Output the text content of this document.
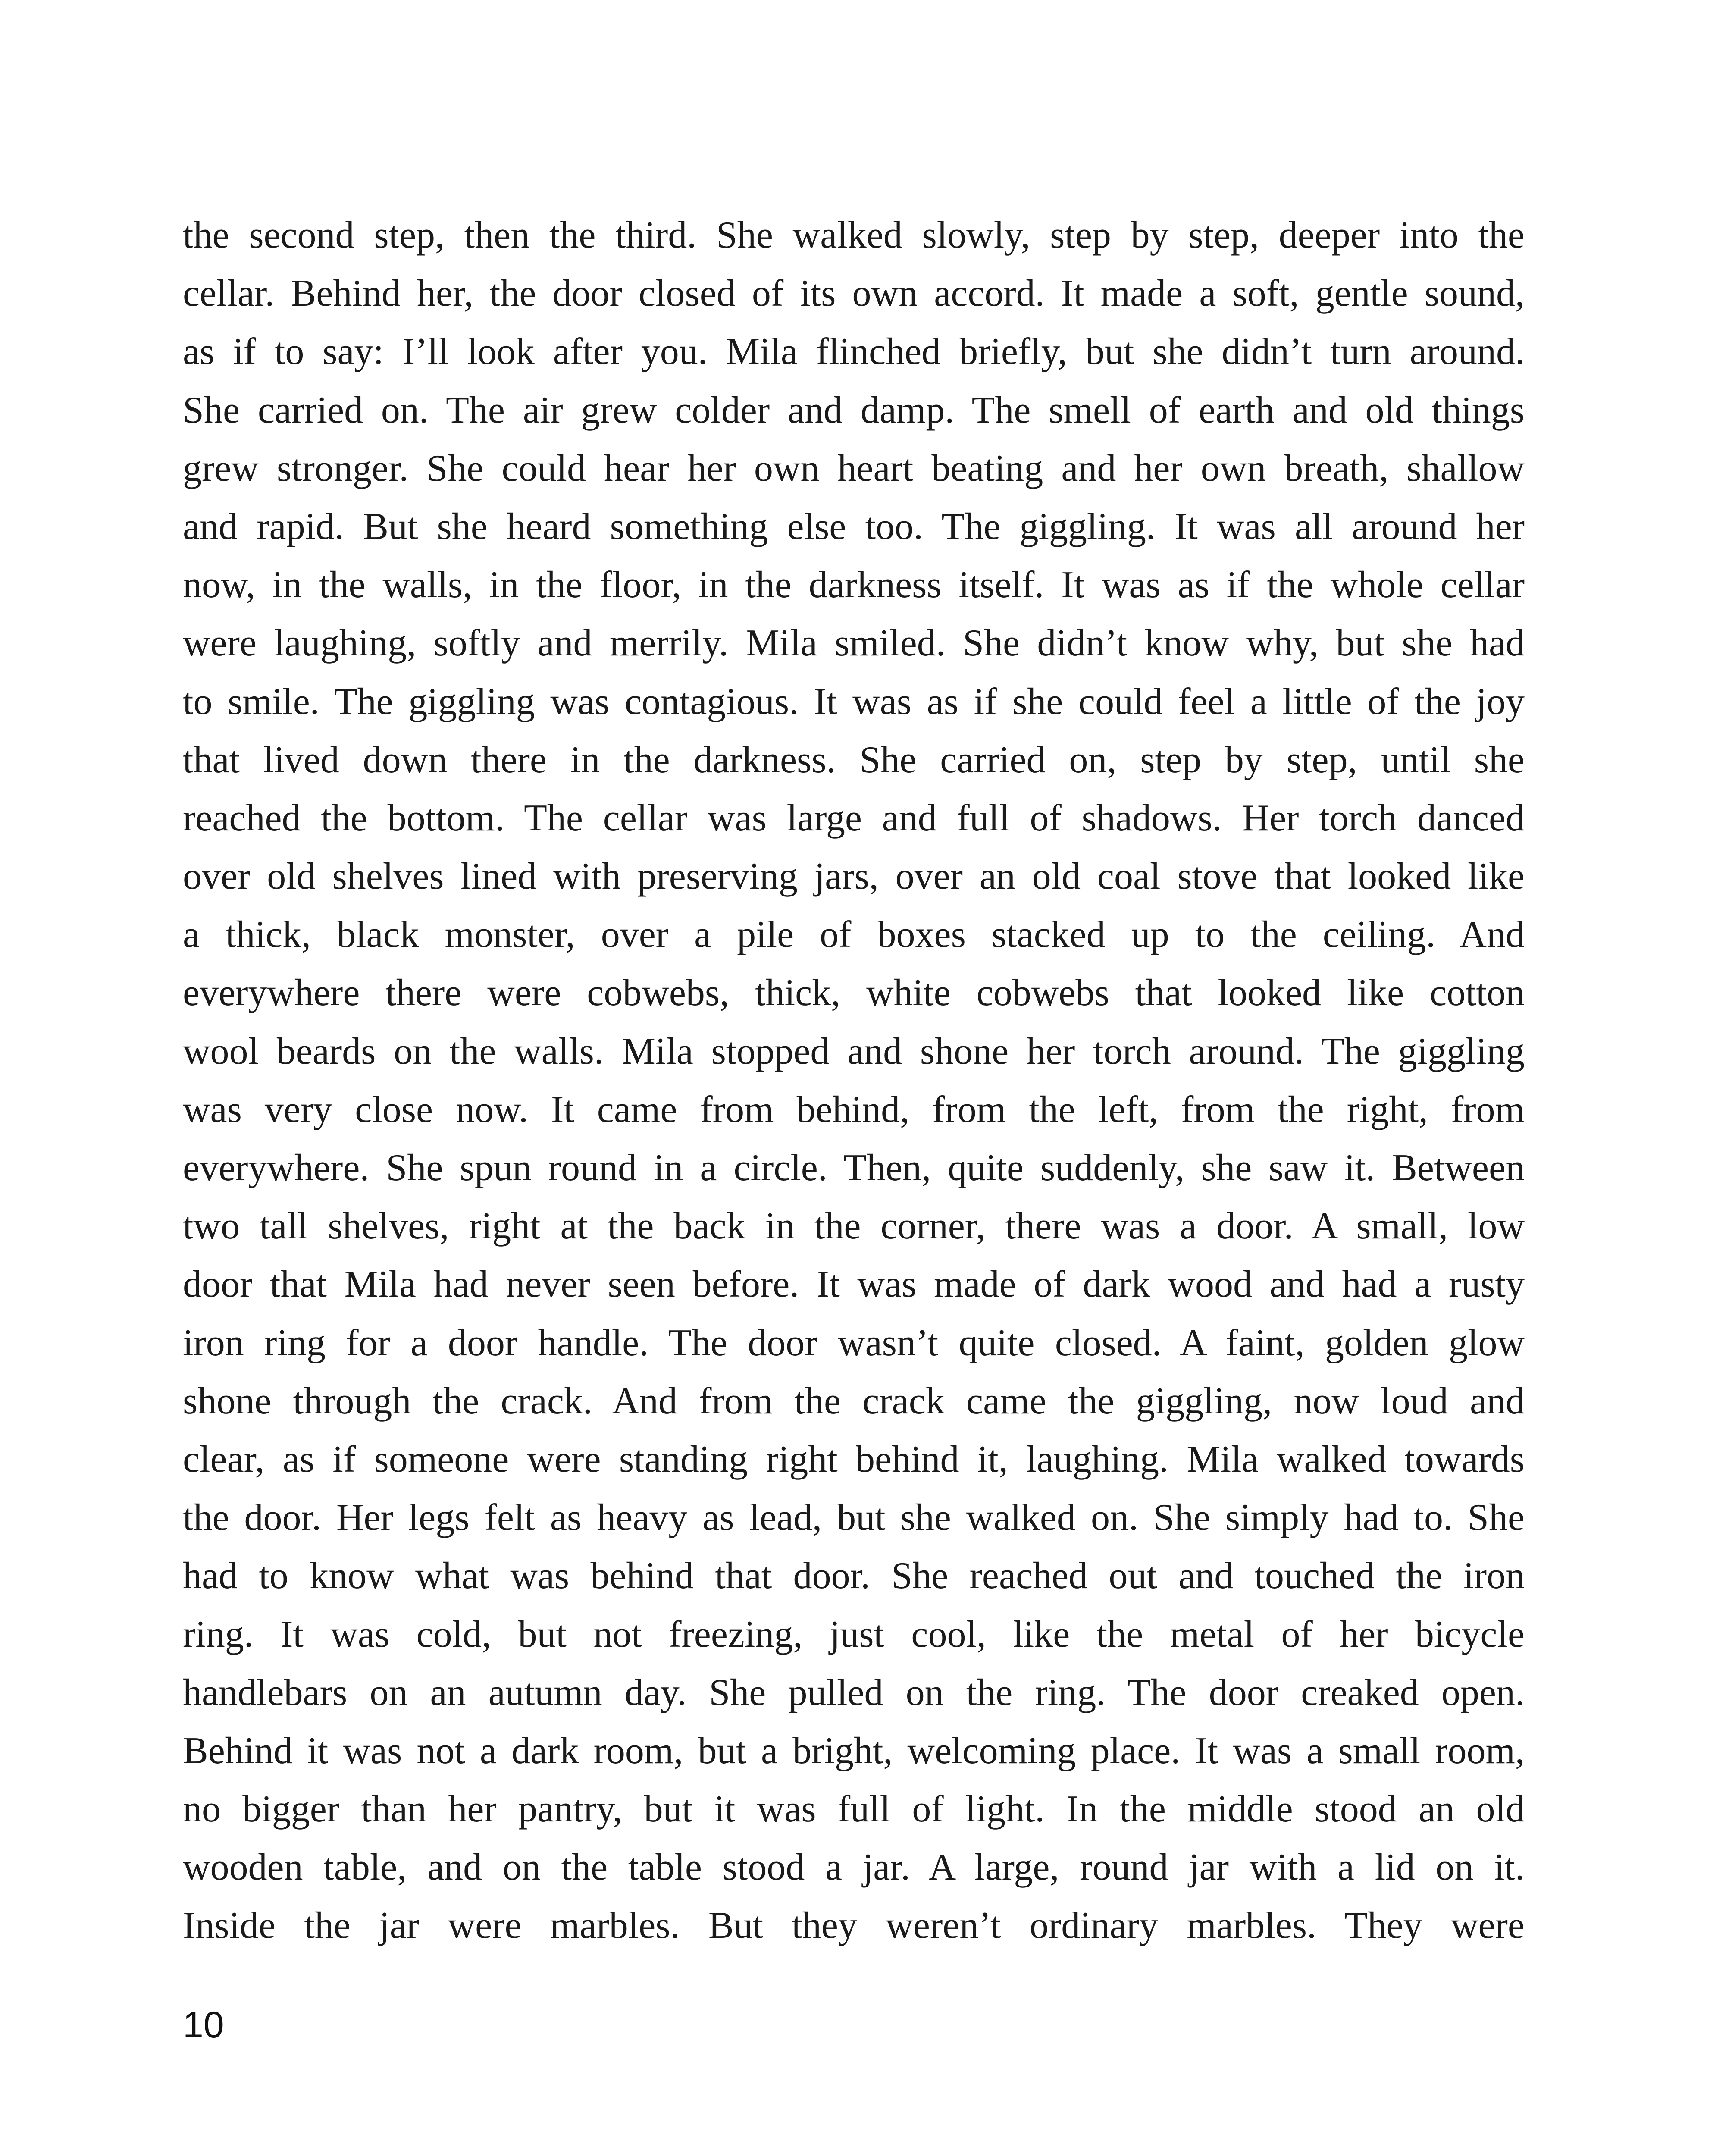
the second step, then the third. She walked slowly, step by step, deeper into the
cellar. Behind her, the door closed of its own accord. It made a soft, gentle sound,
as if to say: I’ll look after you. Mila flinched briefly, but she didn’t turn around.
She carried on. The air grew colder and damp. The smell of earth and old things
grew stronger. She could hear her own heart beating and her own breath, shallow
and rapid. But she heard something else too. The giggling. It was all around her
now, in the walls, in the floor, in the darkness itself. It was as if the whole cellar
were laughing, softly and merrily. Mila smiled. She didn’t know why, but she had
to smile. The giggling was contagious. It was as if she could feel a little of the joy
that lived down there in the darkness. She carried on, step by step, until she
reached the bottom. The cellar was large and full of shadows. Her torch danced
over old shelves lined with preserving jars, over an old coal stove that looked like
a thick, black monster, over a pile of boxes stacked up to the ceiling. And
everywhere there were cobwebs, thick, white cobwebs that looked like cotton
wool beards on the walls. Mila stopped and shone her torch around. The giggling
was very close now. It came from behind, from the left, from the right, from
everywhere. She spun round in a circle. Then, quite suddenly, she saw it. Between
two tall shelves, right at the back in the corner, there was a door. A small, low
door that Mila had never seen before. It was made of dark wood and had a rusty
iron ring for a door handle. The door wasn’t quite closed. A faint, golden glow
shone through the crack. And from the crack came the giggling, now loud and
clear, as if someone were standing right behind it, laughing. Mila walked towards
the door. Her legs felt as heavy as lead, but she walked on. She simply had to. She
had to know what was behind that door. She reached out and touched the iron
ring. It was cold, but not freezing, just cool, like the metal of her bicycle
handlebars on an autumn day. She pulled on the ring. The door creaked open.
Behind it was not a dark room, but a bright, welcoming place. It was a small room,
no bigger than her pantry, but it was full of light. In the middle stood an old
wooden table, and on the table stood a jar. A large, round jar with a lid on it.
Inside the jar were marbles. But they weren’t ordinary marbles. They were
10
